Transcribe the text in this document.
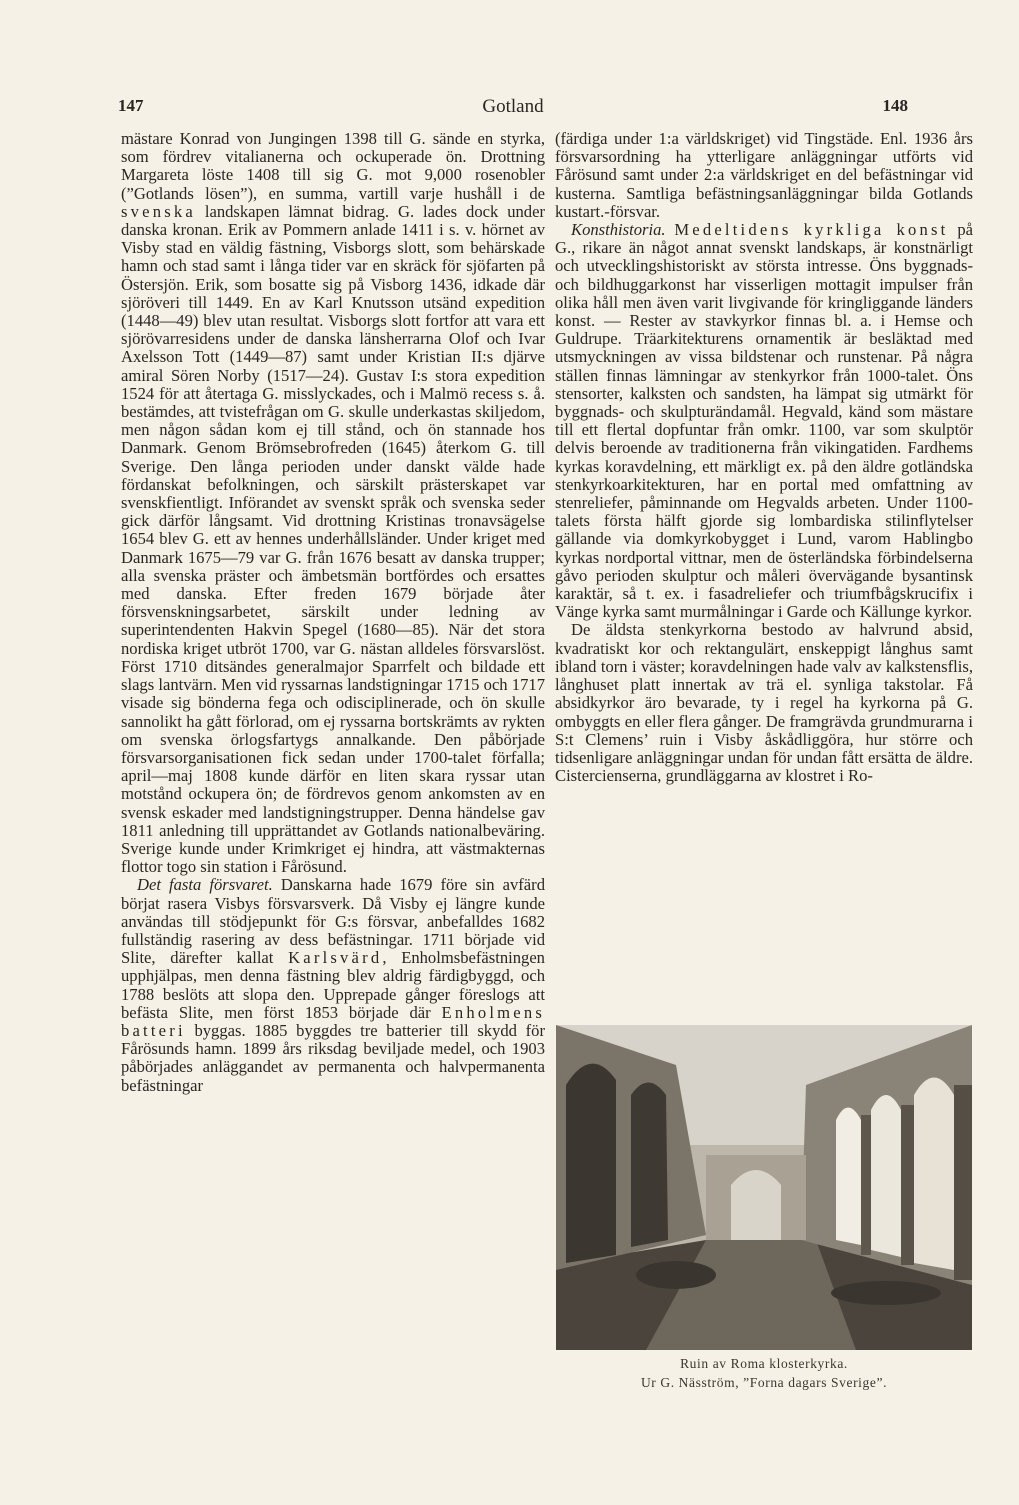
147	Gotland	148

mästare Konrad von Jungingen 1398 till G. sände en styrka, som fördrev vitalianerna och ockuperade ön. Drottning Margareta löste 1408 till sig G. mot 9,000 rosenobler (”Gotlands lösen”), en summa, vartill varje hushåll i de svenska landskapen lämnat bidrag. G. lades dock under danska kronan. Erik av Pommern anlade 1411 i s. v. hörnet av Visby stad en väldig fästning, Visborgs slott, som behärskade hamn och stad samt i långa tider var en skräck för sjöfarten på Östersjön. Erik, som bosatte sig på Visborg 1436, idkade där sjöröveri till 1449. En av Karl Knutsson utsänd expedition (1448—49) blev utan resultat. Visborgs slott fortfor att vara ett sjörövarresidens under de danska länsherrarna Olof och Ivar Axelsson Tott (1449—87) samt under Kristian II:s djärve amiral Sören Norby (1517—24). Gustav I:s stora expedition 1524 för att återtaga G. misslyckades, och i Malmö recess s. å. bestämdes, att tvistefrågan om G. skulle underkastas skiljedom, men någon sådan kom ej till stånd, och ön stannade hos Danmark. Genom Brömsebrofreden (1645) återkom G. till Sverige. Den långa perioden under danskt välde hade fördanskat befolkningen, och särskilt prästerskapet var svenskfientligt. Införandet av svenskt språk och svenska seder gick därför långsamt. Vid drottning Kristinas tronavsägelse 1654 blev G. ett av hennes underhållsländer. Under kriget med Danmark 1675—79 var G. från 1676 besatt av danska trupper; alla svenska präster och ämbetsmän bortfördes och ersattes med danska. Efter freden 1679 började åter försvenskningsarbetet, särskilt under ledning av superintendenten Hakvin Spegel (1680—85). När det stora nordiska kriget utbröt 1700, var G. nästan alldeles försvarslöst. Först 1710 ditsändes generalmajor Sparrfelt och bildade ett slags lantvärn. Men vid ryssarnas landstigningar 1715 och 1717 visade sig bönderna fega och odisciplinerade, och ön skulle sannolikt ha gått förlorad, om ej ryssarna bortskrämts av rykten om svenska örlogsfartygs annalkande. Den påbörjade försvarsorganisationen fick sedan under 1700-talet förfalla; april—maj 1808 kunde därför en liten skara ryssar utan motstånd ockupera ön; de fördrevos genom ankomsten av en svensk eskader med landstigningstrupper. Denna händelse gav 1811 anledning till upprättandet av Gotlands nationalbeväring. Sverige kunde under Krimkriget ej hindra, att västmakternas flottor togo sin station i Fårösund.

Det fasta försvaret. Danskarna hade 1679 före sin avfärd börjat rasera Visbys försvarsverk. Då Visby ej längre kunde användas till stödjepunkt för G:s försvar, anbefalldes 1682 fullständig rasering av dess befästningar. 1711 började vid Slite, därefter kallat Karlsvärd, Enholmsbefästningen upphjälpas, men denna fästning blev aldrig färdigbyggd, och 1788 beslöts att slopa den. Upprepade gånger föreslogs att befästa Slite, men först 1853 började där Enholmens batteri byggas. 1885 byggdes tre batterier till skydd för Fårösunds hamn. 1899 års riksdag beviljade medel, och 1903 påbörjades anläggandet av permanenta och halvpermanenta befästningar

(färdiga under 1:a världskriget) vid Tingstäde. Enl. 1936 års försvarsordning ha ytterligare anläggningar utförts vid Fårösund samt under 2:a världskriget en del befästningar vid kusterna. Samtliga befästningsanläggningar bilda Gotlands kustart.-försvar.

Konsthistoria. Medeltidens kyrkliga konst på G., rikare än något annat svenskt landskaps, är konstnärligt och utvecklingshistoriskt av största intresse. Öns byggnads- och bildhuggarkonst har visserligen mottagit impulser från olika håll men även varit livgivande för kringliggande länders konst. — Rester av stavkyrkor finnas bl. a. i Hemse och Guldrupe. Träarkitekturens ornamentik är besläktad med utsmyckningen av vissa bildstenar och runstenar. På några ställen finnas lämningar av stenkyrkor från 1000-talet. Öns stensorter, kalksten och sandsten, ha lämpat sig utmärkt för byggnads- och skulpturändamål. Hegvald, känd som mästare till ett flertal dopfuntar från omkr. 1100, var som skulptör delvis beroende av traditionerna från vikingatiden. Fardhems kyrkas koravdelning, ett märkligt ex. på den äldre gotländska stenkyrkoarkitekturen, har en portal med omfattning av stenreliefer, påminnande om Hegvalds arbeten. Under 1100-talets första hälft gjorde sig lombardiska stilinflytelser gällande via domkyrkobygget i Lund, varom Hablingbo kyrkas nordportal vittnar, men de österländska förbindelserna gåvo perioden skulptur och måleri övervägande bysantinsk karaktär, så t. ex. i fasadreliefer och triumfbågskrucifix i Vänge kyrka samt murmålningar i Garde och Källunge kyrkor.

De äldsta stenkyrkorna bestodo av halvrund absid, kvadratiskt kor och rektangulärt, enskeppigt långhus samt ibland torn i väster; koravdelningen hade valv av kalkstensflis, långhuset platt innertak av trä el. synliga takstolar. Få absidkyrkor äro bevarade, ty i regel ha kyrkorna på G. ombyggts en eller flera gånger. De framgrävda grundmurarna i S:t Clemens’ ruin i Visby åskådliggöra, hur större och tidsenligare anläggningar undan för undan fått ersätta de äldre. Cistercienserna, grundläggarna av klostret i Ro-

Ruin av Roma klosterkyrka.
Ur G. Näsström, ”Forna dagars Sverige”.
